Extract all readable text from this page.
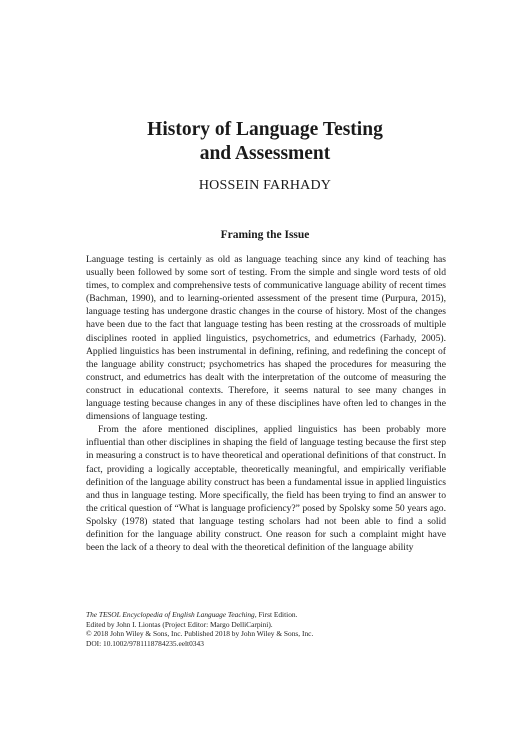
History of Language Testing
and Assessment
HOSSEIN FARHADY
Framing the Issue

Language testing is certainly as old as language teaching since any kind of teaching has usually been followed by some sort of testing. From the simple and single word tests of old times, to complex and comprehensive tests of communicative language ability of recent times (Bachman, 1990), and to learning-oriented assessment of the present time (Purpura, 2015), language testing has undergone drastic changes in the course of history. Most of the changes have been due to the fact that language testing has been resting at the crossroads of multiple disciplines rooted in applied linguistics, psychometrics, and edumetrics (Farhady, 2005). Applied linguistics has been instrumental in defining, refining, and redefining the concept of the language ability construct; psychometrics has shaped the procedures for measuring the construct, and edumetrics has dealt with the interpretation of the outcome of measuring the construct in educational contexts. Therefore, it seems natural to see many changes in language testing because changes in any of these disciplines have often led to changes in the dimensions of language testing.

From the afore mentioned disciplines, applied linguistics has been probably more influential than other disciplines in shaping the field of language testing because the first step in measuring a construct is to have theoretical and operational definitions of that construct. In fact, providing a logically acceptable, theoretically meaningful, and empirically verifiable definition of the language ability construct has been a fundamental issue in applied linguistics and thus in language testing. More specifically, the field has been trying to find an answer to the critical question of “What is language proficiency?” posed by Spolsky some 50 years ago. Spolsky (1978) stated that language testing scholars had not been able to find a solid definition for the language ability construct. One reason for such a complaint might have been the lack of a theory to deal with the theoretical definition of the language ability

The TESOL Encyclopedia of English Language Teaching, First Edition.
Edited by John I. Liontas (Project Editor: Margo DelliCarpini).
© 2018 John Wiley & Sons, Inc. Published 2018 by John Wiley & Sons, Inc.
DOI: 10.1002/9781118784235.eelt0343
